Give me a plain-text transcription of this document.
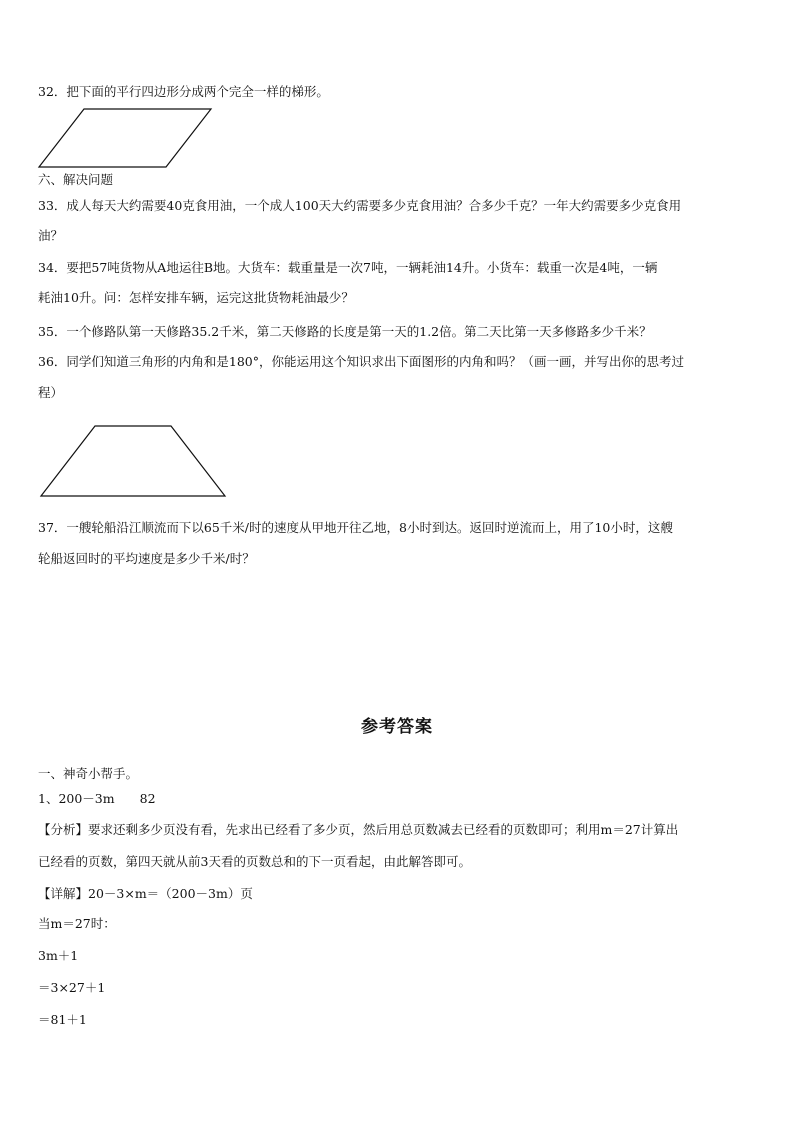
32．把下面的平行四边形分成两个完全一样的梯形。
六、解决问题
33．成人每天大约需要40克食用油，一个成人100天大约需要多少克食用油？合多少千克？一年大约需要多少克食用
油？
34．要把57吨货物从A地运往B地。大货车：载重量是一次7吨，一辆耗油14升。小货车：载重一次是4吨，一辆
耗油10升。问：怎样安排车辆，运完这批货物耗油最少？
35．一个修路队第一天修路35.2千米，第二天修路的长度是第一天的1.2倍。第二天比第一天多修路多少千米？
36．同学们知道三角形的内角和是180°，你能运用这个知识求出下面图形的内角和吗？（画一画，并写出你的思考过
程）
37．一艘轮船沿江顺流而下以65千米/时的速度从甲地开往乙地，8小时到达。返回时逆流而上，用了10小时，这艘
轮船返回时的平均速度是多少千米/时？
参考答案
一、神奇小帮手。
1、200－3m　　82
【分析】要求还剩多少页没有看，先求出已经看了多少页，然后用总页数减去已经看的页数即可；利用m＝27计算出
已经看的页数，第四天就从前3天看的页数总和的下一页看起，由此解答即可。
【详解】20－3×m＝（200－3m）页
当m＝27时：
3m＋1
＝3×27＋1
＝81＋1
